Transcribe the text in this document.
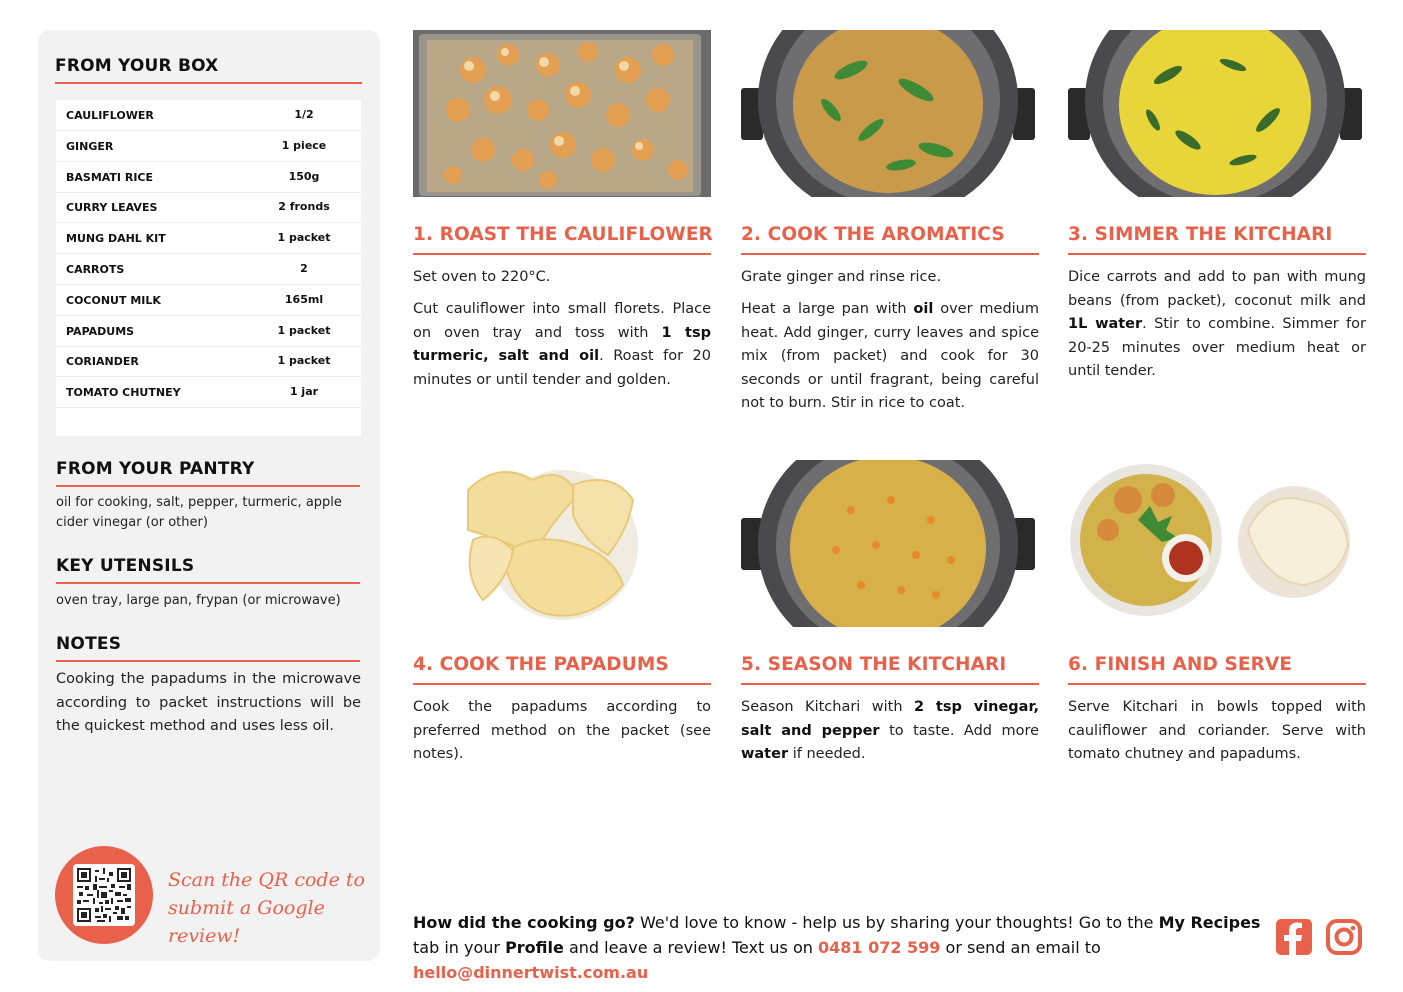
FROM YOUR BOX
CAULIFLOWER	1/2
GINGER	1 piece
BASMATI RICE	150g
CURRY LEAVES	2 fronds
MUNG DAHL KIT	1 packet
CARROTS	2
COCONUT MILK	165ml
PAPADUMS	1 packet
CORIANDER	1 packet
TOMATO CHUTNEY	1 jar
FROM YOUR PANTRY
oil for cooking, salt, pepper, turmeric, apple cider vinegar (or other)
KEY UTENSILS
oven tray, large pan, frypan (or microwave)
NOTES
Cooking the papadums in the microwave according to packet instructions will be the quickest method and uses less oil.
Scan the QR code to
submit a Google review!
1. ROAST THE CAULIFLOWER
Set oven to 220°C.
Cut cauliflower into small florets. Place on oven tray and toss with 1 tsp turmeric, salt and oil. Roast for 20 minutes or until tender and golden.
2. COOK THE AROMATICS
Grate ginger and rinse rice.
Heat a large pan with oil over medium heat. Add ginger, curry leaves and spice mix (from packet) and cook for 30 seconds or until fragrant, being careful not to burn. Stir in rice to coat.
3. SIMMER THE KITCHARI
Dice carrots and add to pan with mung beans (from packet), coconut milk and 1L water. Stir to combine. Simmer for 20-25 minutes over medium heat or until tender.
4. COOK THE PAPADUMS
Cook the papadums according to preferred method on the packet (see notes).
5. SEASON THE KITCHARI
Season Kitchari with 2 tsp vinegar, salt and pepper to taste. Add more water if needed.
6. FINISH AND SERVE
Serve Kitchari in bowls topped with cauliflower and coriander. Serve with tomato chutney and papadums.
How did the cooking go? We'd love to know - help us by sharing your thoughts! Go to the My Recipes tab in your Profile and leave a review! Text us on 0481 072 599 or send an email to hello@dinnertwist.com.au
